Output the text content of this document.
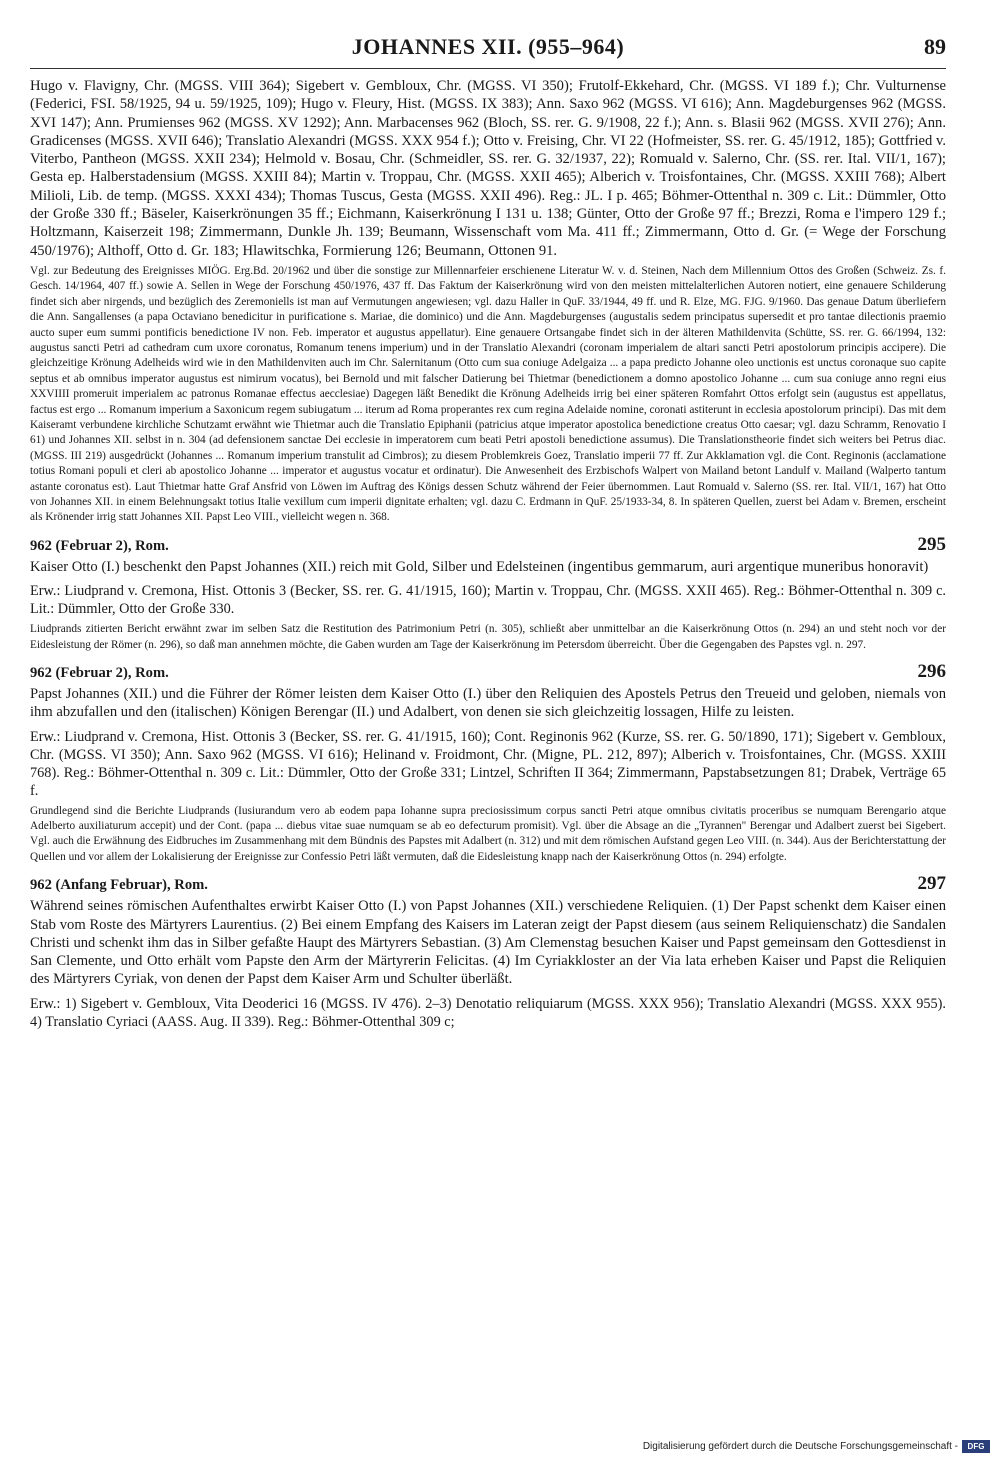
JOHANNES XII. (955–964)	89

Hugo v. Flavigny, Chr. (MGSS. VIII 364); Sigebert v. Gembloux, Chr. (MGSS. VI 350); Frutolf-Ekkehard, Chr. (MGSS. VI 189 f.); Chr. Vulturnense (Federici, FSI. 58/1925, 94 u. 59/1925, 109); Hugo v. Fleury, Hist. (MGSS. IX 383); Ann. Saxo 962 (MGSS. VI 616); Ann. Magdeburgenses 962 (MGSS. XVI 147); Ann. Prumienses 962 (MGSS. XV 1292); Ann. Marbacenses 962 (Bloch, SS. rer. G. 9/1908, 22 f.); Ann. s. Blasii 962 (MGSS. XVII 276); Ann. Gradicenses (MGSS. XVII 646); Translatio Alexandri (MGSS. XXX 954 f.); Otto v. Freising, Chr. VI 22 (Hofmeister, SS. rer. G. 45/1912, 185); Gottfried v. Viterbo, Pantheon (MGSS. XXII 234); Helmold v. Bosau, Chr. (Schmeidler, SS. rer. G. 32/1937, 22); Romuald v. Salerno, Chr. (SS. rer. Ital. VII/1, 167); Gesta ep. Halberstadensium (MGSS. XXIII 84); Martin v. Troppau, Chr. (MGSS. XXII 465); Alberich v. Troisfontaines, Chr. (MGSS. XXIII 768); Albert Milioli, Lib. de temp. (MGSS. XXXI 434); Thomas Tuscus, Gesta (MGSS. XXII 496). Reg.: JL. I p. 465; Böhmer-Ottenthal n. 309 c. Lit.: Dümmler, Otto der Große 330 ff.; Bäseler, Kaiserkrönungen 35 ff.; Eichmann, Kaiserkrönung I 131 u. 138; Günter, Otto der Große 97 ff.; Brezzi, Roma e l'impero 129 f.; Holtzmann, Kaiserzeit 198; Zimmermann, Dunkle Jh. 139; Beumann, Wissenschaft vom Ma. 411 ff.; Zimmermann, Otto d. Gr. (= Wege der Forschung 450/1976); Althoff, Otto d. Gr. 183; Hlawitschka, Formierung 126; Beumann, Ottonen 91.

Vgl. zur Bedeutung des Ereignisses MIÖG. Erg.Bd. 20/1962 und über die sonstige zur Millennarfeier erschienene Literatur W. v. d. Steinen, Nach dem Millennium Ottos des Großen (Schweiz. Zs. f. Gesch. 14/1964, 407 ff.) sowie A. Sellen in Wege der Forschung 450/1976, 437 ff. Das Faktum der Kaiserkrönung wird von den meisten mittelalterlichen Autoren notiert, eine genauere Schilderung findet sich aber nirgends, und bezüglich des Zeremoniells ist man auf Vermutungen angewiesen; vgl. dazu Haller in QuF. 33/1944, 49 ff. und R. Elze, MG. FJG. 9/1960. Das genaue Datum überliefern die Ann. Sangallenses (a papa Octaviano benedicitur in purificatione s. Mariae, die dominico) und die Ann. Magdeburgenses (augustalis sedem principatus supersedit et pro tantae dilectionis praemio aucto super eum summi pontificis benedictione IV non. Feb. imperator et augustus appellatur). Eine genauere Ortsangabe findet sich in der älteren Mathildenvita (Schütte, SS. rer. G. 66/1994, 132: augustus sancti Petri ad cathedram cum uxore coronatus, Romanum tenens imperium) und in der Translatio Alexandri (coronam imperialem de altari sancti Petri apostolorum principis accipere). Die gleichzeitige Krönung Adelheids wird wie in den Mathildenviten auch im Chr. Salernitanum (Otto cum sua coniuge Adelgaiza ... a papa predicto Johanne oleo unctionis est unctus coronaque suo capite septus et ab omnibus imperator augustus est nimirum vocatus), bei Bernold und mit falscher Datierung bei Thietmar (benedictionem a domno apostolico Johanne ... cum sua coniuge anno regni eius XXVIIII promeruit imperialem ac patronus Romanae effectus aecclesiae) Dagegen läßt Benedikt die Krönung Adelheids irrig bei einer späteren Romfahrt Ottos erfolgt sein (augustus est appellatus, factus est ergo ... Romanum imperium a Saxonicum regem subiugatum ... iterum ad Roma properantes rex cum regina Adelaide nomine, coronati astiterunt in ecclesia apostolorum principi). Das mit dem Kaiseramt verbundene kirchliche Schutzamt erwähnt wie Thietmar auch die Translatio Epiphanii (patricius atque imperator apostolica benedictione creatus Otto caesar; vgl. dazu Schramm, Renovatio I 61) und Johannes XII. selbst in n. 304 (ad defensionem sanctae Dei ecclesie in imperatorem cum beati Petri apostoli benedictione assumus). Die Translationstheorie findet sich weiters bei Petrus diac. (MGSS. III 219) ausgedrückt (Johannes ... Romanum imperium transtulit ad Cimbros); zu diesem Problemkreis Goez, Translatio imperii 77 ff. Zur Akklamation vgl. die Cont. Reginonis (acclamatione totius Romani populi et cleri ab apostolico Johanne ... imperator et augustus vocatur et ordinatur). Die Anwesenheit des Erzbischofs Walpert von Mailand betont Landulf v. Mailand (Walperto tantum astante coronatus est). Laut Thietmar hatte Graf Ansfrid von Löwen im Auftrag des Königs dessen Schutz während der Feier übernommen. Laut Romuald v. Salerno (SS. rer. Ital. VII/1, 167) hat Otto von Johannes XII. in einem Belehnungsakt totius Italie vexillum cum imperii dignitate erhalten; vgl. dazu C. Erdmann in QuF. 25/1933-34, 8. In späteren Quellen, zuerst bei Adam v. Bremen, erscheint als Krönender irrig statt Johannes XII. Papst Leo VIII., vielleicht wegen n. 368.

962 (Februar 2), Rom.	295

Kaiser Otto (I.) beschenkt den Papst Johannes (XII.) reich mit Gold, Silber und Edelsteinen (ingentibus gemmarum, auri argentique muneribus honoravit)

Erw.: Liudprand v. Cremona, Hist. Ottonis 3 (Becker, SS. rer. G. 41/1915, 160); Martin v. Troppau, Chr. (MGSS. XXII 465). Reg.: Böhmer-Ottenthal n. 309 c. Lit.: Dümmler, Otto der Große 330.

Liudprands zitierten Bericht erwähnt zwar im selben Satz die Restitution des Patrimonium Petri (n. 305), schließt aber unmittelbar an die Kaiserkrönung Ottos (n. 294) an und steht noch vor der Eidesleistung der Römer (n. 296), so daß man annehmen möchte, die Gaben wurden am Tage der Kaiserkrönung im Petersdom überreicht. Über die Gegengaben des Papstes vgl. n. 297.

962 (Februar 2), Rom.	296

Papst Johannes (XII.) und die Führer der Römer leisten dem Kaiser Otto (I.) über den Reliquien des Apostels Petrus den Treueid und geloben, niemals von ihm abzufallen und den (italischen) Königen Berengar (II.) und Adalbert, von denen sie sich gleichzeitig lossagen, Hilfe zu leisten.

Erw.: Liudprand v. Cremona, Hist. Ottonis 3 (Becker, SS. rer. G. 41/1915, 160); Cont. Reginonis 962 (Kurze, SS. rer. G. 50/1890, 171); Sigebert v. Gembloux, Chr. (MGSS. VI 350); Ann. Saxo 962 (MGSS. VI 616); Helinand v. Froidmont, Chr. (Migne, PL. 212, 897); Alberich v. Troisfontaines, Chr. (MGSS. XXIII 768). Reg.: Böhmer-Ottenthal n. 309 c. Lit.: Dümmler, Otto der Große 331; Lintzel, Schriften II 364; Zimmermann, Papstabsetzungen 81; Drabek, Verträge 65 f.

Grundlegend sind die Berichte Liudprands (Iusiurandum vero ab eodem papa Iohanne supra preciosissimum corpus sancti Petri atque omnibus civitatis proceribus se numquam Berengario atque Adelberto auxiliaturum accepit) und der Cont. (papa ... diebus vitae suae numquam se ab eo defecturum promisit). Vgl. über die Absage an die „Tyrannen" Berengar und Adalbert zuerst bei Sigebert. Vgl. auch die Erwähnung des Eidbruches im Zusammenhang mit dem Bündnis des Papstes mit Adalbert (n. 312) und mit dem römischen Aufstand gegen Leo VIII. (n. 344). Aus der Berichterstattung der Quellen und vor allem der Lokalisierung der Ereignisse zur Confessio Petri läßt vermuten, daß die Eidesleistung knapp nach der Kaiserkrönung Ottos (n. 294) erfolgte.

962 (Anfang Februar), Rom.	297

Während seines römischen Aufenthaltes erwirbt Kaiser Otto (I.) von Papst Johannes (XII.) verschiedene Reliquien. (1) Der Papst schenkt dem Kaiser einen Stab vom Roste des Märtyrers Laurentius. (2) Bei einem Empfang des Kaisers im Lateran zeigt der Papst diesem (aus seinem Reliquienschatz) die Sandalen Christi und schenkt ihm das in Silber gefaßte Haupt des Märtyrers Sebastian. (3) Am Clemenstag besuchen Kaiser und Papst gemeinsam den Gottesdienst in San Clemente, und Otto erhält vom Papste den Arm der Märtyrerin Felicitas. (4) Im Cyriakkloster an der Via lata erheben Kaiser und Papst die Reliquien des Märtyrers Cyriak, von denen der Papst dem Kaiser Arm und Schulter überläßt.

Erw.: 1) Sigebert v. Gembloux, Vita Deoderici 16 (MGSS. IV 476). 2–3) Denotatio reliquiarum (MGSS. XXX 956); Translatio Alexandri (MGSS. XXX 955). 4) Translatio Cyriaci (AASS. Aug. II 339). Reg.: Böhmer-Ottenthal 309 c;

Digitalisierung gefördert durch die Deutsche Forschungsgemeinschaft -	DFG
